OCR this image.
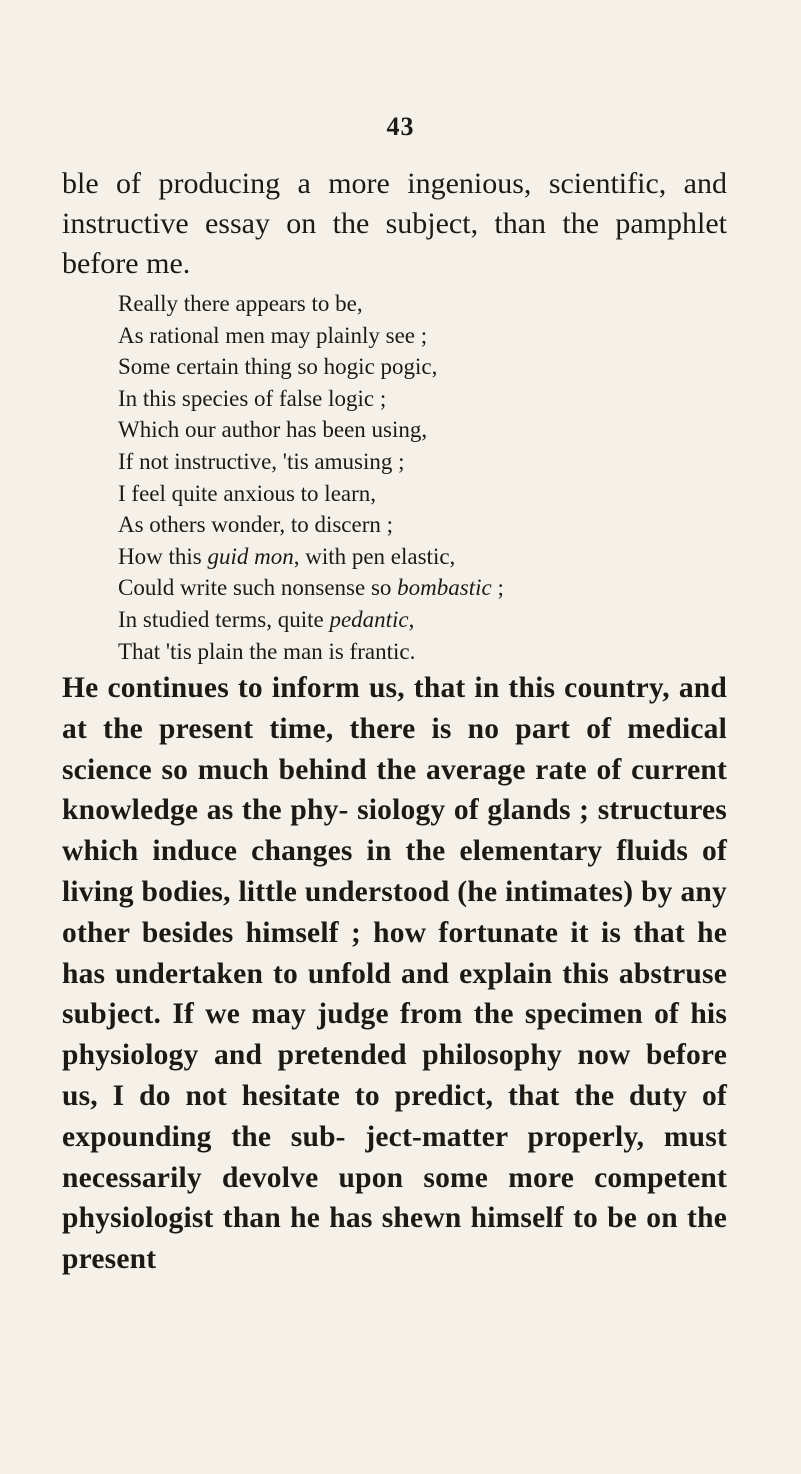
43

ble of producing a more ingenious, scientific, and instructive essay on the subject, than the pamphlet before me.

Really there appears to be,
As rational men may plainly see ;
Some certain thing so hogic pogic,
In this species of false logic ;
Which our author has been using,
If not instructive, 'tis amusing ;
I feel quite anxious to learn,
As others wonder, to discern ;
How this guid mon, with pen elastic,
Could write such nonsense so bombastic ;
In studied terms, quite pedantic,
That 'tis plain the man is frantic.

He continues to inform us, that in this country, and at the present time, there is no part of medical science so much behind the average rate of current knowledge as the phy- siology of glands ; structures which induce changes in the elementary fluids of living bodies, little understood (he intimates) by any other besides himself ; how fortunate it is that he has undertaken to unfold and explain this abstruse subject. If we may judge from the specimen of his physiology and pretended philosophy now before us, I do not hesitate to predict, that the duty of expounding the sub- ject-matter properly, must necessarily devolve upon some more competent physiologist than he has shewn himself to be on the present
